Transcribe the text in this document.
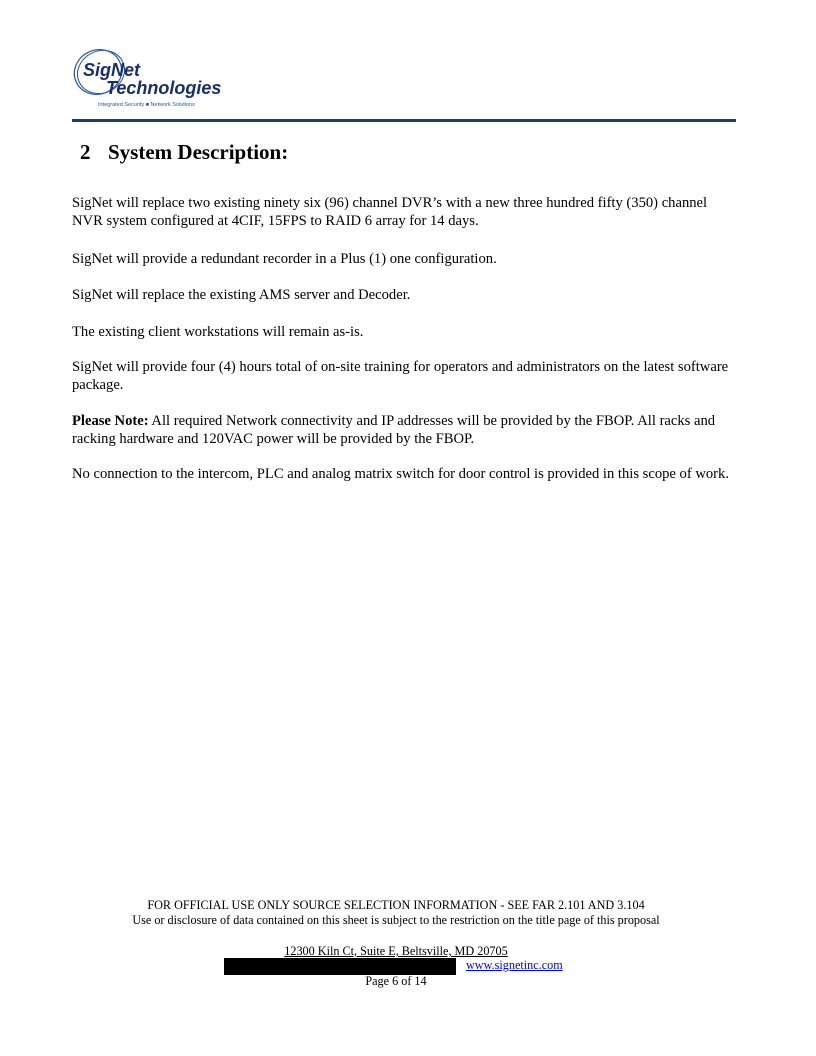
SigNet
Technologies
Integrated Security ■ Network Solutions
2 System Description:
SigNet will replace two existing ninety six (96) channel DVR’s with a new three hundred fifty (350) channel NVR system configured at 4CIF, 15FPS to RAID 6 array for 14 days.
SigNet will provide a redundant recorder in a Plus (1) one configuration.
SigNet will replace the existing AMS server and Decoder.
The existing client workstations will remain as-is.
SigNet will provide four (4) hours total of on-site training for operators and administrators on the latest software package.
Please Note: All required Network connectivity and IP addresses will be provided by the FBOP. All racks and racking hardware and 120VAC power will be provided by the FBOP.
No connection to the intercom, PLC and analog matrix switch for door control is provided in this scope of work.
FOR OFFICIAL USE ONLY SOURCE SELECTION INFORMATION - SEE FAR 2.101 AND 3.104
Use or disclosure of data contained on this sheet is subject to the restriction on the title page of this proposal
12300 Kiln Ct, Suite E, Beltsville, MD 20705
www.signetinc.com
Page 6 of 14
